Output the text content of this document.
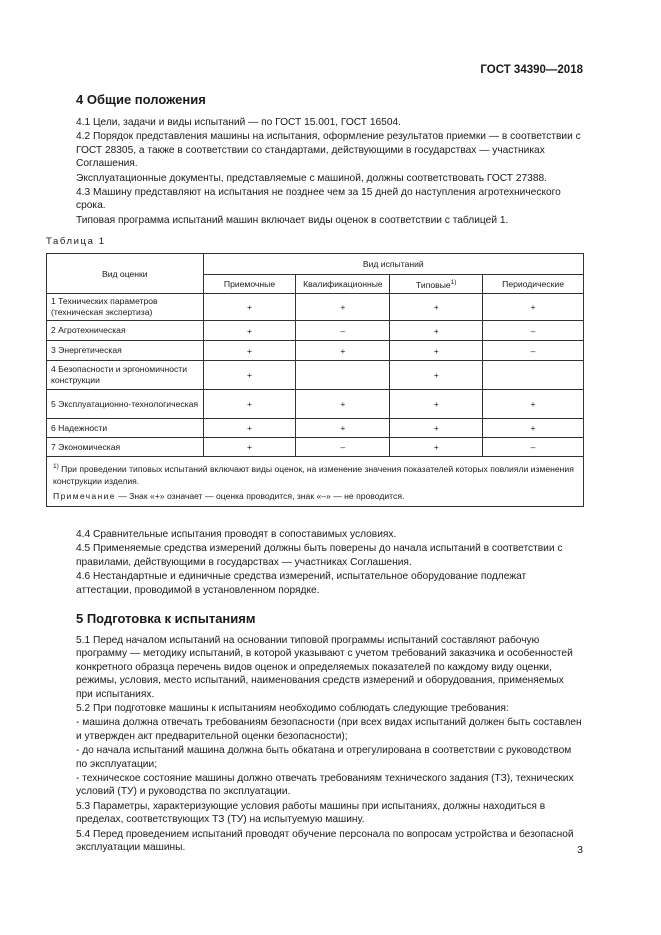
ГОСТ 34390—2018
4 Общие положения

4.1 Цели, задачи и виды испытаний — по ГОСТ 15.001, ГОСТ 16504.

4.2 Порядок представления машины на испытания, оформление результатов приемки — в соответствии с ГОСТ 28305, а также в соответствии со стандартами, действующими в государствах — участниках Соглашения.

Эксплуатационные документы, представляемые с машиной, должны соответствовать ГОСТ 27388.

4.3 Машину представляют на испытания не позднее чем за 15 дней до наступления агротехнического срока.

Типовая программа испытаний машин включает виды оценок в соответствии с таблицей 1.

Таблица 1
Вид оценки	Вид испытаний			
	Приемочные	Квалификационные	Типовые$^{1)}$	Периодические
1 Технических параметров (техническая экспертиза)	+	+	+	+
2 Агротехническая	+	–	+	–
3 Энергетическая	+	+	+	–
4 Безопасности и эргономичности конструкции	+		+	
5 Эксплуатационно-технологическая	+	+	+	+
6 Надежности	+	+	+	+
7 Экономическая	+	–	+	–

$^{1)}$ При проведении типовых испытаний включают виды оценок, на изменение значения показателей которых повлияли изменения конструкции изделия.
Примечание — Знак «+» означает — оценка проводится, знак «–» — не проводится.				

4.4 Сравнительные испытания проводят в сопоставимых условиях.

4.5 Применяемые средства измерений должны быть поверены до начала испытаний в соответствии с правилами, действующими в государствах — участниках Соглашения.

4.6 Нестандартные и единичные средства измерений, испытательное оборудование подлежат аттестации, проводимой в установленном порядке.

5 Подготовка к испытаниям

5.1 Перед началом испытаний на основании типовой программы испытаний составляют рабочую программу — методику испытаний, в которой указывают с учетом требований заказчика и особенностей конкретного образца перечень видов оценок и определяемых показателей по каждому виду оценки, режимы, условия, место испытаний, наименования средств измерений и оборудования, применяемых при испытаниях.

5.2 При подготовке машины к испытаниям необходимо соблюдать следующие требования:

- машина должна отвечать требованиям безопасности (при всех видах испытаний должен быть составлен и утвержден акт предварительной оценки безопасности);

- до начала испытаний машина должна быть обкатана и отрегулирована в соответствии с руководством по эксплуатации;

- техническое состояние машины должно отвечать требованиям технического задания (ТЗ), технических условий (ТУ) и руководства по эксплуатации.

5.3 Параметры, характеризующие условия работы машины при испытаниях, должны находиться в пределах, соответствующих ТЗ (ТУ) на испытуемую машину.

5.4 Перед проведением испытаний проводят обучение персонала по вопросам устройства и безопасной эксплуатации машины.	3
